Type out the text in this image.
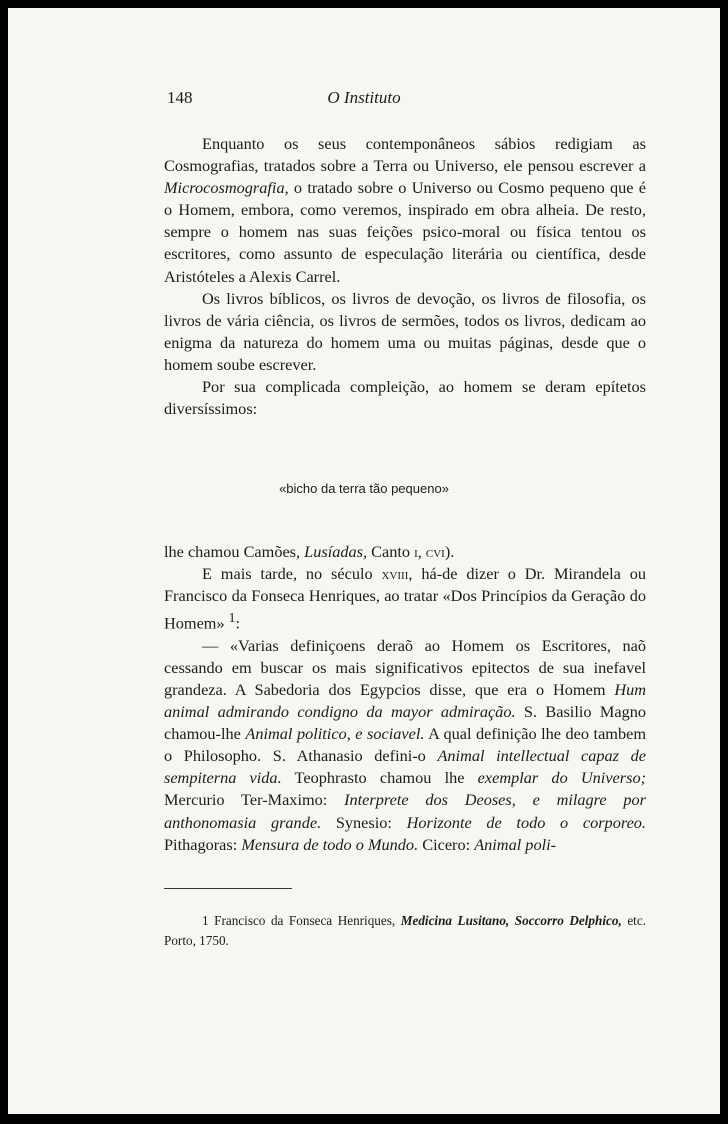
148	O Instituto

Enquanto os seus contemponâneos sábios redigiam as Cosmografias, tratados sobre a Terra ou Universo, ele pensou escrever a Microcosmografia, o tratado sobre o Universo ou Cosmo pequeno que é o Homem, embora, como veremos, inspirado em obra alheia. De resto, sempre o homem nas suas feições psico-moral ou física tentou os escritores, como assunto de especulação literária ou científica, desde Aristóteles a Alexis Carrel.

Os livros bíblicos, os livros de devoção, os livros de filosofia, os livros de vária ciência, os livros de sermões, todos os livros, dedicam ao enigma da natureza do homem uma ou muitas páginas, desde que o homem soube escrever.

Por sua complicada compleição, ao homem se deram epítetos diversíssimos:

«bicho da terra tão pequeno»

lhe chamou Camões, Lusíadas, Canto i, cvi).

E mais tarde, no século xviii, há-de dizer o Dr. Mirandela ou Francisco da Fonseca Henriques, ao tratar «Dos Princípios da Geração do Homem» $^1$:

— «Varias definiçoens deraõ ao Homem os Escritores, naõ cessando em buscar os mais significativos epitectos de sua inefavel grandeza. A Sabedoria dos Egypcios disse, que era o Homem Hum animal admirando condigno da mayor admiração. S. Basilio Magno chamou-lhe Animal politico, e sociavel. A qual definição lhe deo tambem o Philosopho. S. Athanasio defini-o Animal intellectual capaz de sempiterna vida. Teophrasto chamou lhe exemplar do Universo; Mercurio Ter-Maximo: Interprete dos Deoses, e milagre por anthonomasia grande. Synesio: Horizonte de todo o corporeo. Pithagoras: Mensura de todo o Mundo. Cicero: Animal poli-

1 Francisco da Fonseca Henriques, Medicina Lusitano, Soccorro Delphico, etc. Porto, 1750.
